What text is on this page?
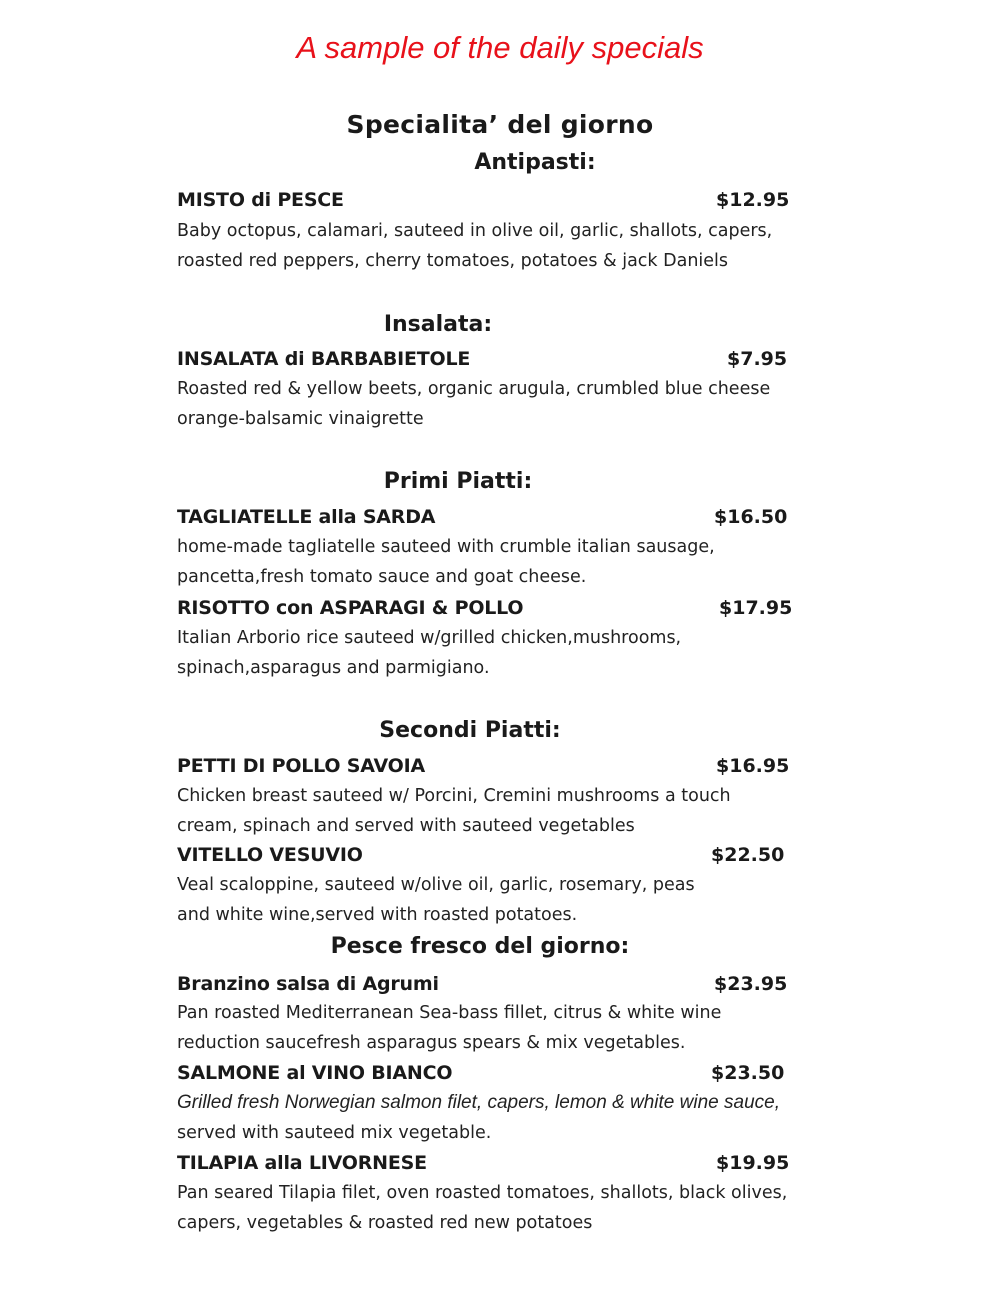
A sample of the daily specials
Specialita’ del giorno
Antipasti:
MISTO di PESCE	$12.95
Baby octopus, calamari, sauteed in olive oil, garlic, shallots, capers,
roasted red peppers, cherry tomatoes, potatoes & jack Daniels
Insalata:
INSALATA di BARBABIETOLE	$7.95
Roasted red & yellow beets, organic arugula, crumbled blue cheese
orange-balsamic vinaigrette
Primi Piatti:
TAGLIATELLE alla SARDA	$16.50
home-made tagliatelle sauteed with crumble italian sausage,
pancetta,fresh tomato sauce and goat cheese.
RISOTTO con ASPARAGI & POLLO	$17.95
Italian Arborio rice sauteed w/grilled chicken,mushrooms,
spinach,asparagus and parmigiano.
Secondi Piatti:
PETTI DI POLLO SAVOIA	$16.95
Chicken breast sauteed w/ Porcini, Cremini mushrooms a touch
cream, spinach and served with sauteed vegetables
VITELLO VESUVIO	$22.50
Veal scaloppine, sauteed w/olive oil, garlic, rosemary, peas
and white wine,served with roasted potatoes.
Pesce fresco del giorno:
Branzino salsa di Agrumi	$23.95
Pan roasted Mediterranean Sea-bass fillet, citrus & white wine
reduction saucefresh asparagus spears & mix vegetables.
SALMONE al VINO BIANCO	$23.50
Grilled fresh Norwegian salmon filet, capers, lemon & white wine sauce,
served with sauteed mix vegetable.
TILAPIA alla LIVORNESE	$19.95
Pan seared Tilapia filet, oven roasted tomatoes, shallots, black olives,
capers, vegetables & roasted red new potatoes
